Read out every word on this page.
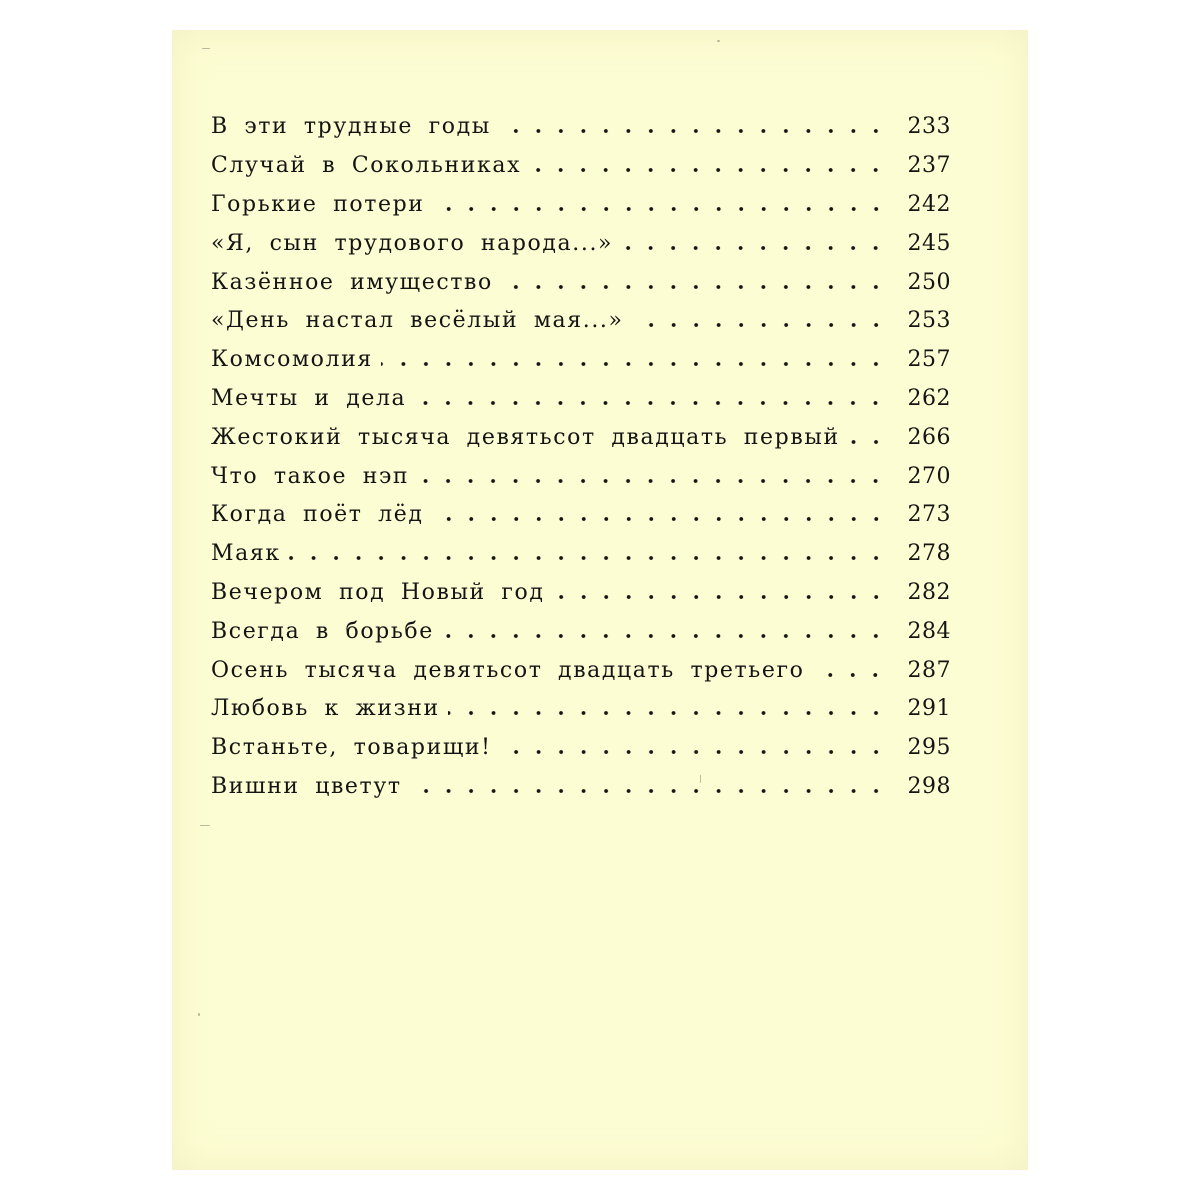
В эти трудные годы	233
Случай в Сокольниках	237
Горькие потери	242
«Я, сын трудового народа...»	245
Казённое имущество	250
«День настал весёлый мая...»	253
Комсомолия	257
Мечты и дела	262
Жестокий тысяча девятьсот двадцать первый	266
Что такое нэп	270
Когда поёт лёд	273
Маяк	278
Вечером под Новый год	282
Всегда в борьбе	284
Осень тысяча девятьсот двадцать третьего	287
Любовь к жизни	291
Встаньте, товарищи!	295
Вишни цветут	298
